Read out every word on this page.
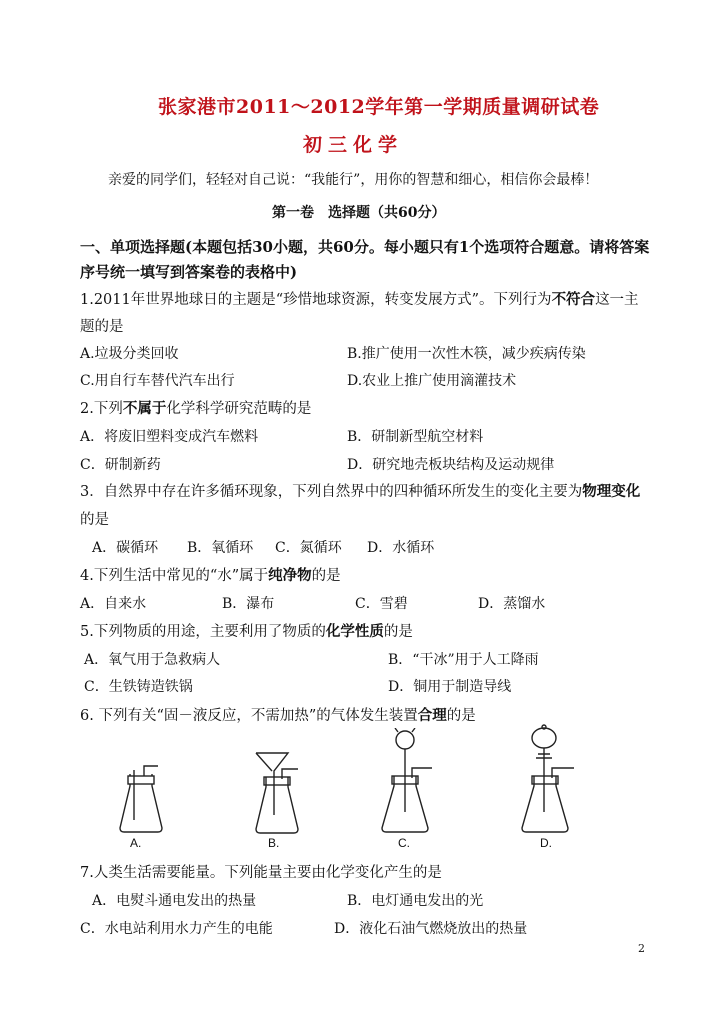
张家港市2011～2012学年第一学期质量调研试卷
初三化学
亲爱的同学们，轻轻对自己说：“我能行”，用你的智慧和细心，相信你会最棒！
第一卷　选择题（共60分）
一、单项选择题(本题包括30小题，共60分。每小题只有1个选项符合题意。请将答案
序号统一填写到答案卷的表格中)
1.2011年世界地球日的主题是“珍惜地球资源，转变发展方式”。下列行为不符合这一主
题的是
A.垃圾分类回收	B.推广使用一次性木筷，减少疾病传染
C.用自行车替代汽车出行	D.农业上推广使用滴灌技术
2.下列不属于化学科学研究范畴的是
A．将废旧塑料变成汽车燃料	B．研制新型航空材料
C．研制新药	D．研究地壳板块结构及运动规律
3．自然界中存在许多循环现象，下列自然界中的四种循环所发生的变化主要为物理变化
的是
A．碳循环 B．氧循环 C．氮循环 D．水循环
4.下列生活中常见的“水”属于纯净物的是
A．自来水	B．瀑布	C．雪碧	D．蒸馏水
5.下列物质的用途，主要利用了物质的化学性质的是
A．氧气用于急救病人	B．“干冰”用于人工降雨
C．生铁铸造铁锅	D．铜用于制造导线
6. 下列有关“固－液反应，不需加热”的气体发生装置合理的是
A.	B.	C.	D.
7.人类生活需要能量。下列能量主要由化学变化产生的是
A．电熨斗通电发出的热量	B．电灯通电发出的光
C．水电站利用水力产生的电能	D．液化石油气燃烧放出的热量
2
